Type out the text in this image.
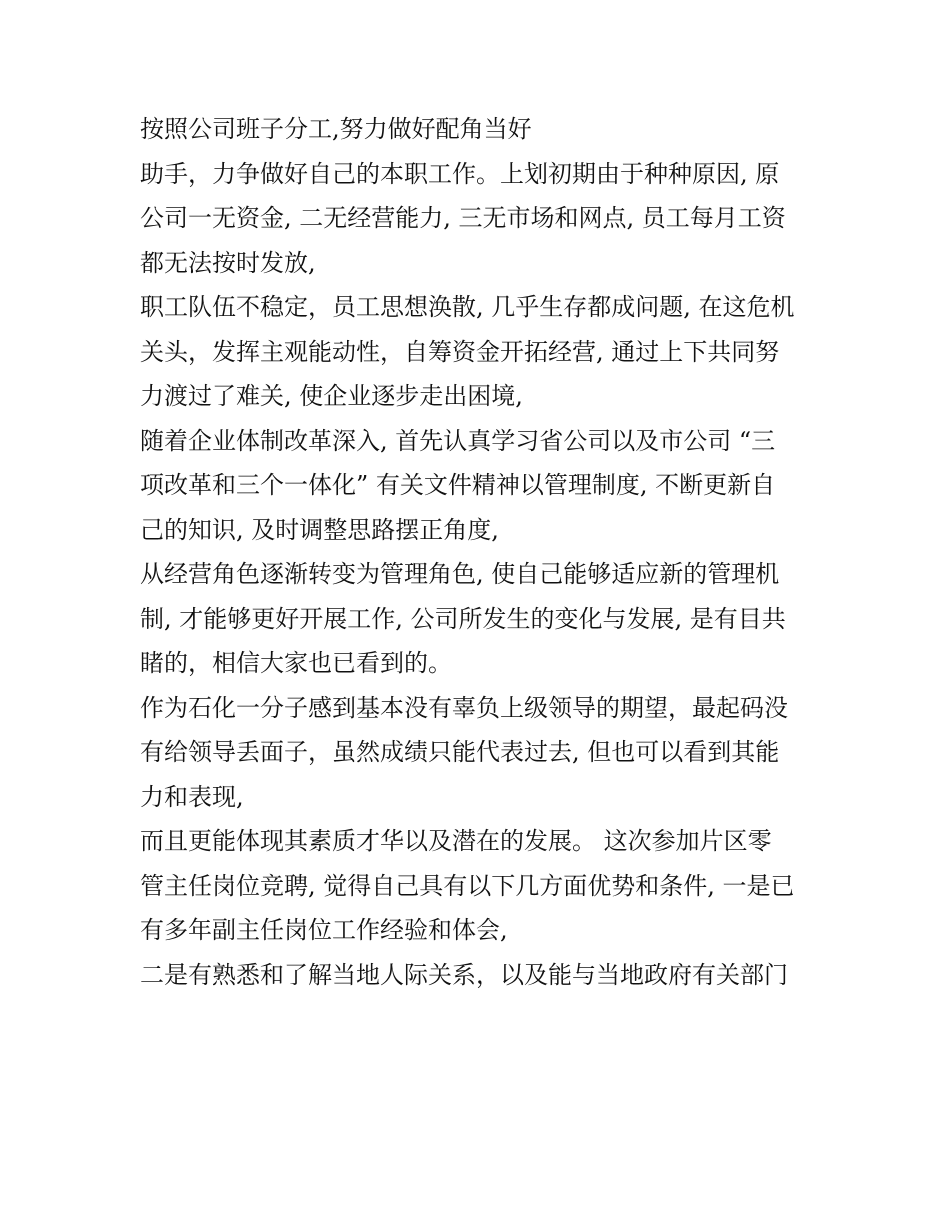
按照公司班子分工,努力做好配角当好
助手，力争做好自己的本职工作。上划初期由于种种原因, 原
公司一无资金, 二无经营能力, 三无市场和网点, 员工每月工资
都无法按时发放,
职工队伍不稳定，员工思想涣散, 几乎生存都成问题, 在这危机
关头，发挥主观能动性，自筹资金开拓经营, 通过上下共同努
力渡过了难关, 使企业逐步走出困境,
随着企业体制改革深入, 首先认真学习省公司以及市公司 “三
项改革和三个一体化” 有关文件精神以管理制度, 不断更新自
己的知识, 及时调整思路摆正角度,
从经营角色逐渐转变为管理角色, 使自己能够适应新的管理机
制, 才能够更好开展工作, 公司所发生的变化与发展, 是有目共
睹的，相信大家也已看到的。
作为石化一分子感到基本没有辜负上级领导的期望，最起码没
有给领导丢面子，虽然成绩只能代表过去, 但也可以看到其能
力和表现,
而且更能体现其素质才华以及潜在的发展。 这次参加片区零
管主任岗位竞聘, 觉得自己具有以下几方面优势和条件, 一是已
有多年副主任岗位工作经验和体会,
二是有熟悉和了解当地人际关系，以及能与当地政府有关部门
